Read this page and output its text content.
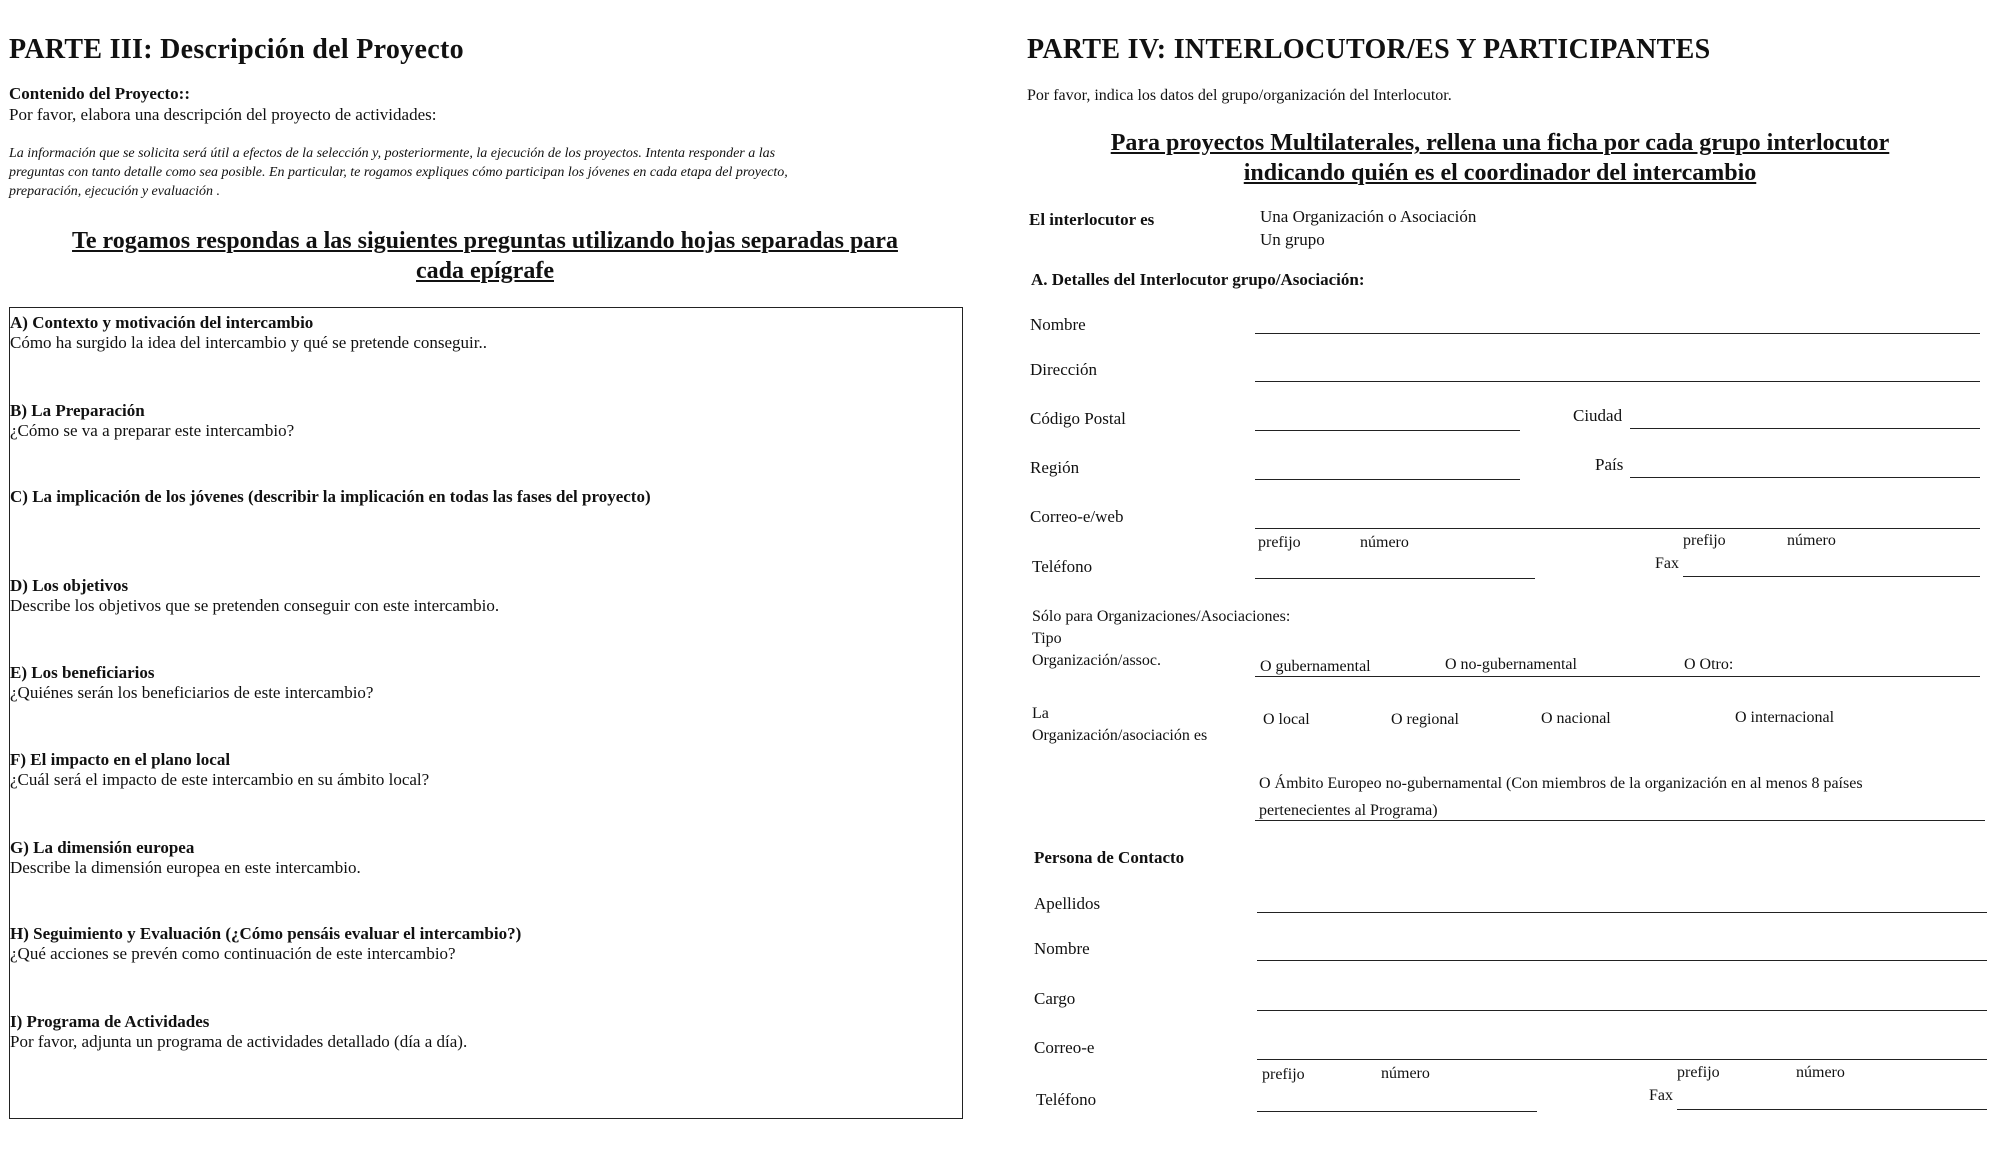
PARTE III: Descripción del Proyecto
Contenido del Proyecto::
Por favor, elabora una descripción del proyecto de actividades:
La información que se solicita será útil a efectos de la selección y, posteriormente, la ejecución de los proyectos. Intenta responder a las
preguntas con tanto detalle como sea posible. En particular, te rogamos expliques cómo participan los jóvenes en cada etapa del proyecto,
preparación, ejecución y evaluación .
Te rogamos respondas a las siguientes preguntas utilizando hojas separadas para
cada epígrafe
A) Contexto y motivación del intercambio
Cómo ha surgido la idea del intercambio y qué se pretende conseguir..
B) La Preparación
¿Cómo se va a preparar este intercambio?
C) La implicación de los jóvenes (describir la implicación en todas las fases del proyecto)
D) Los objetivos
Describe los objetivos que se pretenden conseguir con este intercambio.
E) Los beneficiarios
¿Quiénes serán los beneficiarios de este intercambio?
F) El impacto en el plano local
¿Cuál será el impacto de este intercambio en su ámbito local?
G) La dimensión europea
Describe la dimensión europea en este intercambio.
H) Seguimiento y Evaluación (¿Cómo pensáis evaluar el intercambio?)
¿Qué acciones se prevén como continuación de este intercambio?
I) Programa de Actividades
Por favor, adjunta un programa de actividades detallado (día a día).
PARTE IV: INTERLOCUTOR/ES Y PARTICIPANTES
Por favor, indica los datos del grupo/organización del Interlocutor.
Para proyectos Multilaterales, rellena una ficha por cada grupo interlocutor
indicando quién es el coordinador del intercambio
El interlocutor es	Una Organización o Asociación
Un grupo
A. Detalles del Interlocutor grupo/Asociación:
Nombre
Dirección
Código Postal	Ciudad
Región	País
Correo-e/web
prefijo	número	prefijo	número
Teléfono	Fax
Sólo para Organizaciones/Asociaciones:
Tipo
Organización/assoc.	O gubernamental	O no-gubernamental	O Otro:
La
Organización/asociación es
O local	O regional	O nacional	O internacional
O Ámbito Europeo no-gubernamental (Con miembros de la organización en al menos 8 países
pertenecientes al Programa)
Persona de Contacto
Apellidos
Nombre
Cargo
Correo-e
prefijo	número	prefijo	número
Teléfono	Fax
